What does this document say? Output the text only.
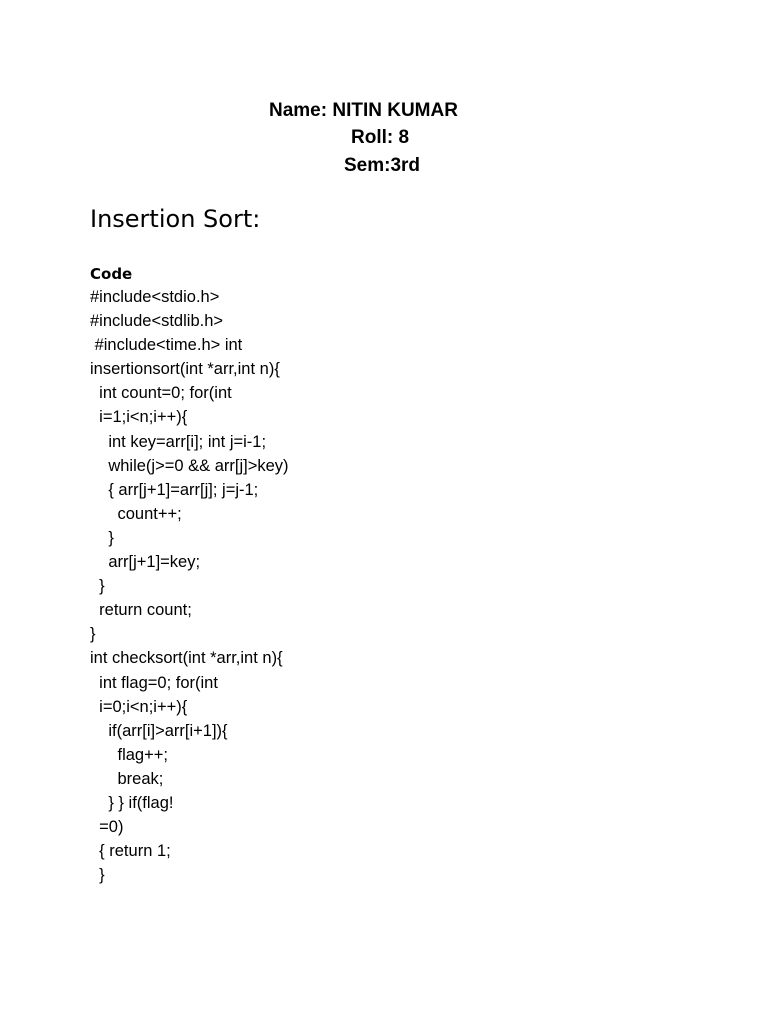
Name: NITIN KUMAR
Roll: 8
Sem:3rd
Insertion Sort:
Code
#include<stdio.h>
#include<stdlib.h>
#include<time.h> int
insertionsort(int *arr,int n){
int count=0; for(int
i=1;i<n;i++){
int key=arr[i]; int j=i-1;
while(j>=0 && arr[j]>key)
{ arr[j+1]=arr[j]; j=j-1;
count++;
}
arr[j+1]=key;
}
return count;
}
int checksort(int *arr,int n){
int flag=0; for(int
i=0;i<n;i++){
if(arr[i]>arr[i+1]){
flag++;
break;
} } if(flag!
=0)
{ return 1;
}
